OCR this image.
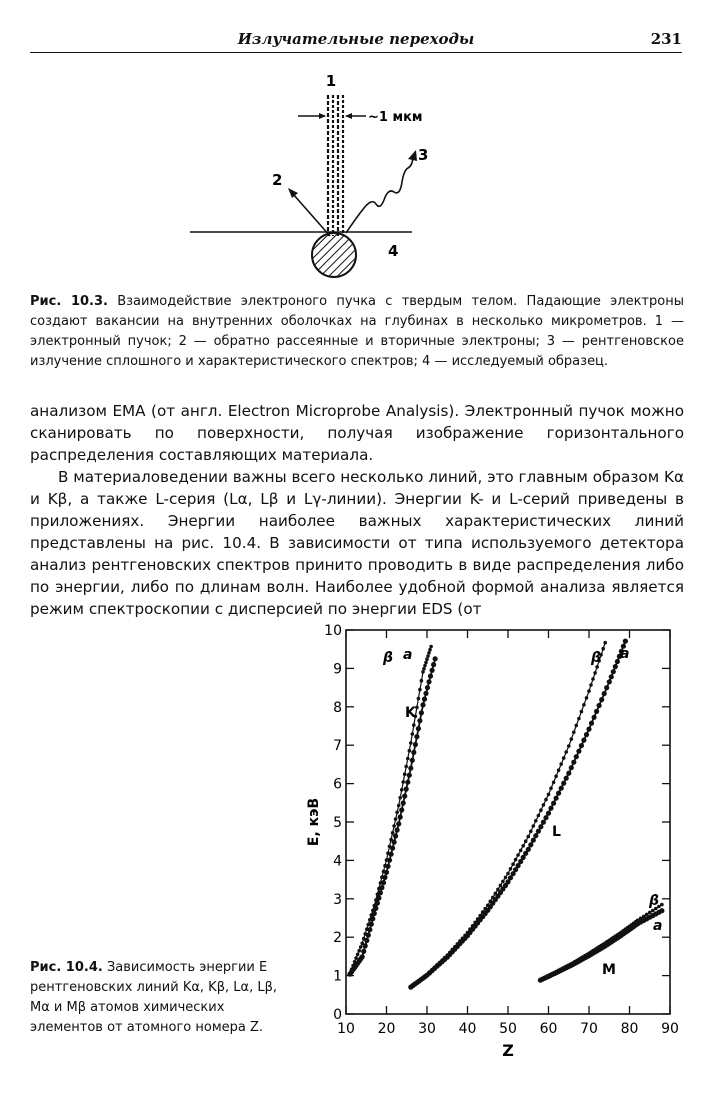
Излучательные переходы	231
~1 мкм
1
2
3
4
Рис. 10.3. Взаимодействие электроного пучка с твердым телом. Падающие электроны создают вакансии на внутренних оболочках на глубинах в несколько микрометров. 1 — электронный пучок; 2 — обратно рассеянные и вторичные электроны; 3 — рентгеновское излучение сплошного и характеристического спектров; 4 — исследуемый образец.
анализом ЕМА (от англ. Electron Microprobe Analysis). Электронный пучок можно сканировать по поверхности, получая изображение горизонтального распределения составляющих материала.
В материаловедении важны всего несколько линий, это главным образом Kα и Kβ, а также L-серия (Lα, Lβ и Lγ-линии). Энергии K- и L-серий приведены в приложениях. Энергии наиболее важных характеристических линий представлены на рис. 10.4. В зависимости от типа используемого детектора анализ рентгеновских спектров принито проводить в виде распределения либо по энергии, либо по длинам волн. Наиболее удобной формой анализа является режим спектроскопии с дисперсией по энергии EDS (от
Рис. 10.4. Зависимость энергии E рентгеновских линий Kα, Kβ, Lα, Lβ, Mα и Mβ атомов химических элементов от атомного номера Z.	10 20 30 40 50 60 70 80 90
0
1
2
3
4
5
6
7
8
9
10
Z
E, кэВ
K
L
M
β a	β a
β
a
